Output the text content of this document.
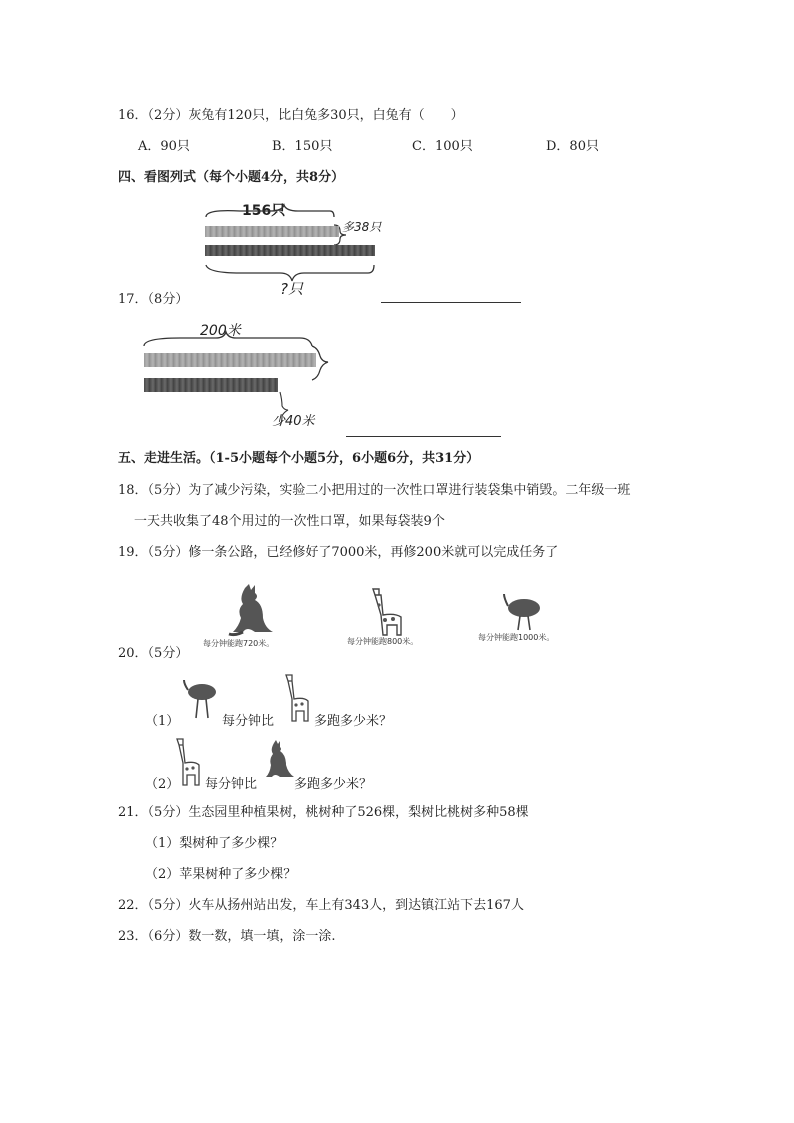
16．（2分）灰兔有120只，比白兔多30只，白兔有（　　）
A．90只	B．150只	C．100只	D．80只
四、看图列式（每个小题4分，共8分）
156只
多38只
?只
17．（8分）
200米
少40米
五、走进生活。（1-5小题每个小题5分，6小题6分，共31分）
18．（5分）为了减少污染，实验二小把用过的一次性口罩进行装袋集中销毁。二年级一班
一天共收集了48个用过的一次性口罩，如果每袋装9个
19．（5分）修一条公路，已经修好了7000米，再修200米就可以完成任务了
每分钟能跑720米。	每分钟能跑800米。	每分钟能跑1000米。
20．（5分）
（1）	每分钟比	多跑多少米？
（2） 每分钟比	多跑多少米？
21．（5分）生态园里种植果树，桃树种了526棵，梨树比桃树多种58棵
（1）梨树种了多少棵？
（2）苹果树种了多少棵？
22．（5分）火车从扬州站出发，车上有343人，到达镇江站下去167人
23．（6分）数一数，填一填，涂一涂.
